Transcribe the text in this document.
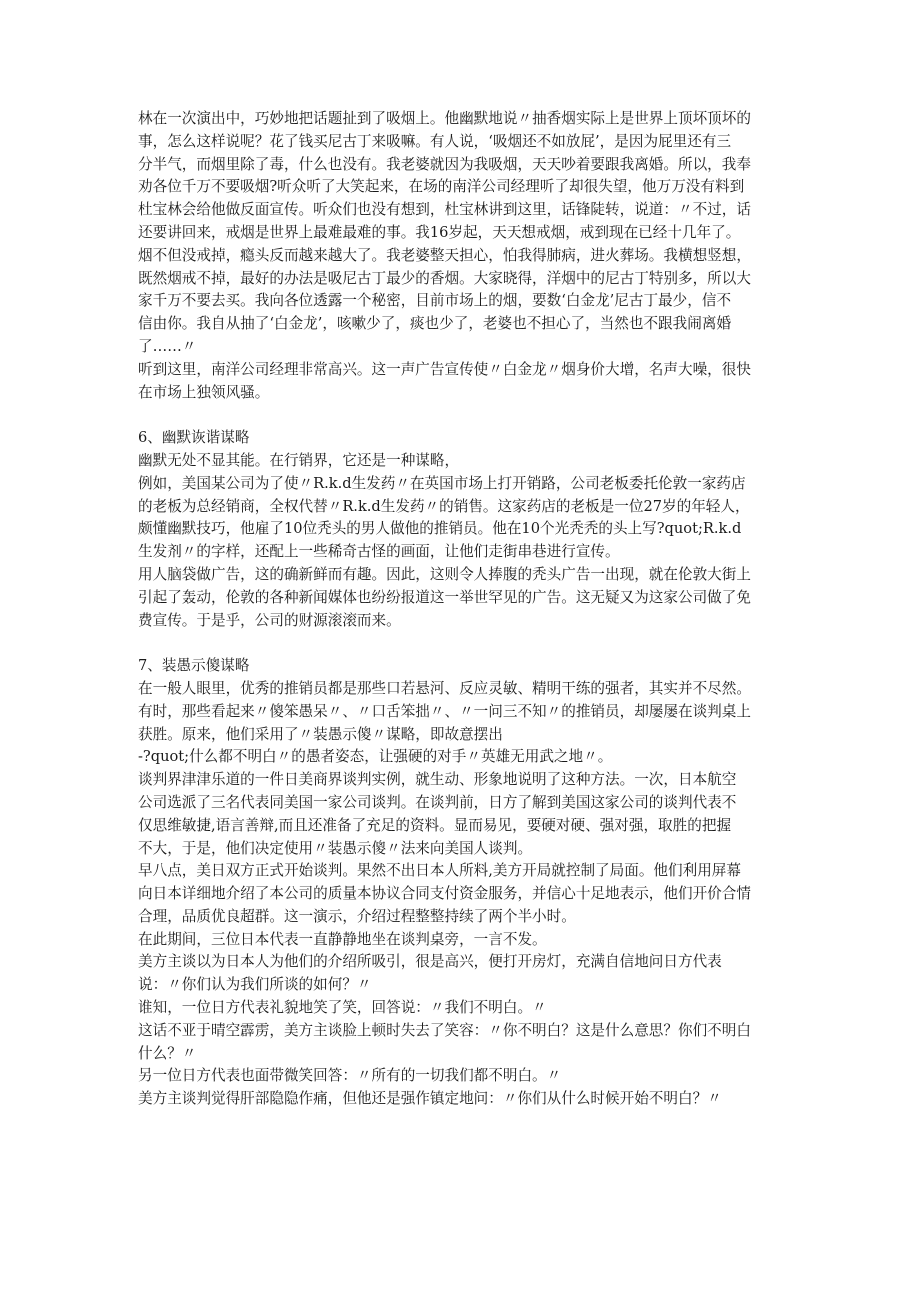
林在一次演出中，巧妙地把话题扯到了吸烟上。他幽默地说〃抽香烟实际上是世界上顶坏顶坏的
事，怎么这样说呢？花了钱买尼古丁来吸嘛。有人说，‘吸烟还不如放屁’，是因为屁里还有三
分半气，而烟里除了毒，什么也没有。我老婆就因为我吸烟，天天吵着要跟我离婚。所以，我奉
劝各位千万不要吸烟?听众听了大笑起来，在场的南洋公司经理听了却很失望，他万万没有料到
杜宝林会给他做反面宣传。听众们也没有想到，杜宝林讲到这里，话锋陡转，说道：〃不过，话
还要讲回来，戒烟是世界上最难最难的事。我16岁起，天天想戒烟，戒到现在已经十几年了。
烟不但没戒掉，瘾头反而越来越大了。我老婆整天担心，怕我得肺病，进火葬场。我横想竖想，
既然烟戒不掉，最好的办法是吸尼古丁最少的香烟。大家晓得，洋烟中的尼古丁特别多，所以大
家千万不要去买。我向各位透露一个秘密，目前市场上的烟，要数‘白金龙’尼古丁最少，信不
信由你。我自从抽了‘白金龙’，咳嗽少了，痰也少了，老婆也不担心了，当然也不跟我闹离婚
了……〃
听到这里，南洋公司经理非常高兴。这一声广告宣传使〃白金龙〃烟身价大增，名声大噪，很快
在市场上独领风骚。
6、幽默诙谐谋略
幽默无处不显其能。在行销界，它还是一种谋略，
例如，美国某公司为了使〃R.k.d生发药〃在英国市场上打开销路，公司老板委托伦敦一家药店
的老板为总经销商，全权代替〃R.k.d生发药〃的销售。这家药店的老板是一位27岁的年轻人，
颇懂幽默技巧，他雇了10位秃头的男人做他的推销员。他在10个光秃秃的头上写?quot;R.k.d
生发剂〃的字样，还配上一些稀奇古怪的画面，让他们走街串巷进行宣传。
用人脑袋做广告，这的确新鲜而有趣。因此，这则令人捧腹的秃头广告一出现，就在伦敦大街上
引起了轰动，伦敦的各种新闻媒体也纷纷报道这一举世罕见的广告。这无疑又为这家公司做了免
费宣传。于是乎，公司的财源滚滚而来。
7、装愚示傻谋略
在一般人眼里，优秀的推销员都是那些口若悬河、反应灵敏、精明干练的强者，其实并不尽然。
有时，那些看起来〃傻笨愚呆〃、〃口舌笨拙〃、〃一问三不知〃的推销员，却屡屡在谈判桌上
获胜。原来，他们采用了〃装愚示傻〃谋略，即故意摆出
-?quot;什么都不明白〃的愚者姿态，让强硬的对手〃英雄无用武之地〃。
谈判界津津乐道的一件日美商界谈判实例，就生动、形象地说明了这种方法。一次，日本航空
公司选派了三名代表同美国一家公司谈判。在谈判前，日方了解到美国这家公司的谈判代表不
仅思维敏捷,语言善辩,而且还准备了充足的资料。显而易见，要硬对硬、强对强，取胜的把握
不大，于是，他们决定使用〃装愚示傻〃法来向美国人谈判。
早八点，美日双方正式开始谈判。果然不出日本人所料,美方开局就控制了局面。他们利用屏幕
向日本详细地介绍了本公司的质量本协议合同支付资金服务，并信心十足地表示，他们开价合情
合理，品质优良超群。这一演示，介绍过程整整持续了两个半小时。
在此期间，三位日本代表一直静静地坐在谈判桌旁，一言不发。
美方主谈以为日本人为他们的介绍所吸引，很是高兴，便打开房灯，充满自信地问日方代表
说：〃你们认为我们所谈的如何？〃
谁知，一位日方代表礼貌地笑了笑，回答说：〃我们不明白。〃
这话不亚于晴空霹雳，美方主谈脸上顿时失去了笑容：〃你不明白？这是什么意思？你们不明白
什么？〃
另一位日方代表也面带微笑回答：〃所有的一切我们都不明白。〃
美方主谈判觉得肝部隐隐作痛，但他还是强作镇定地问：〃你们从什么时候开始不明白？〃
